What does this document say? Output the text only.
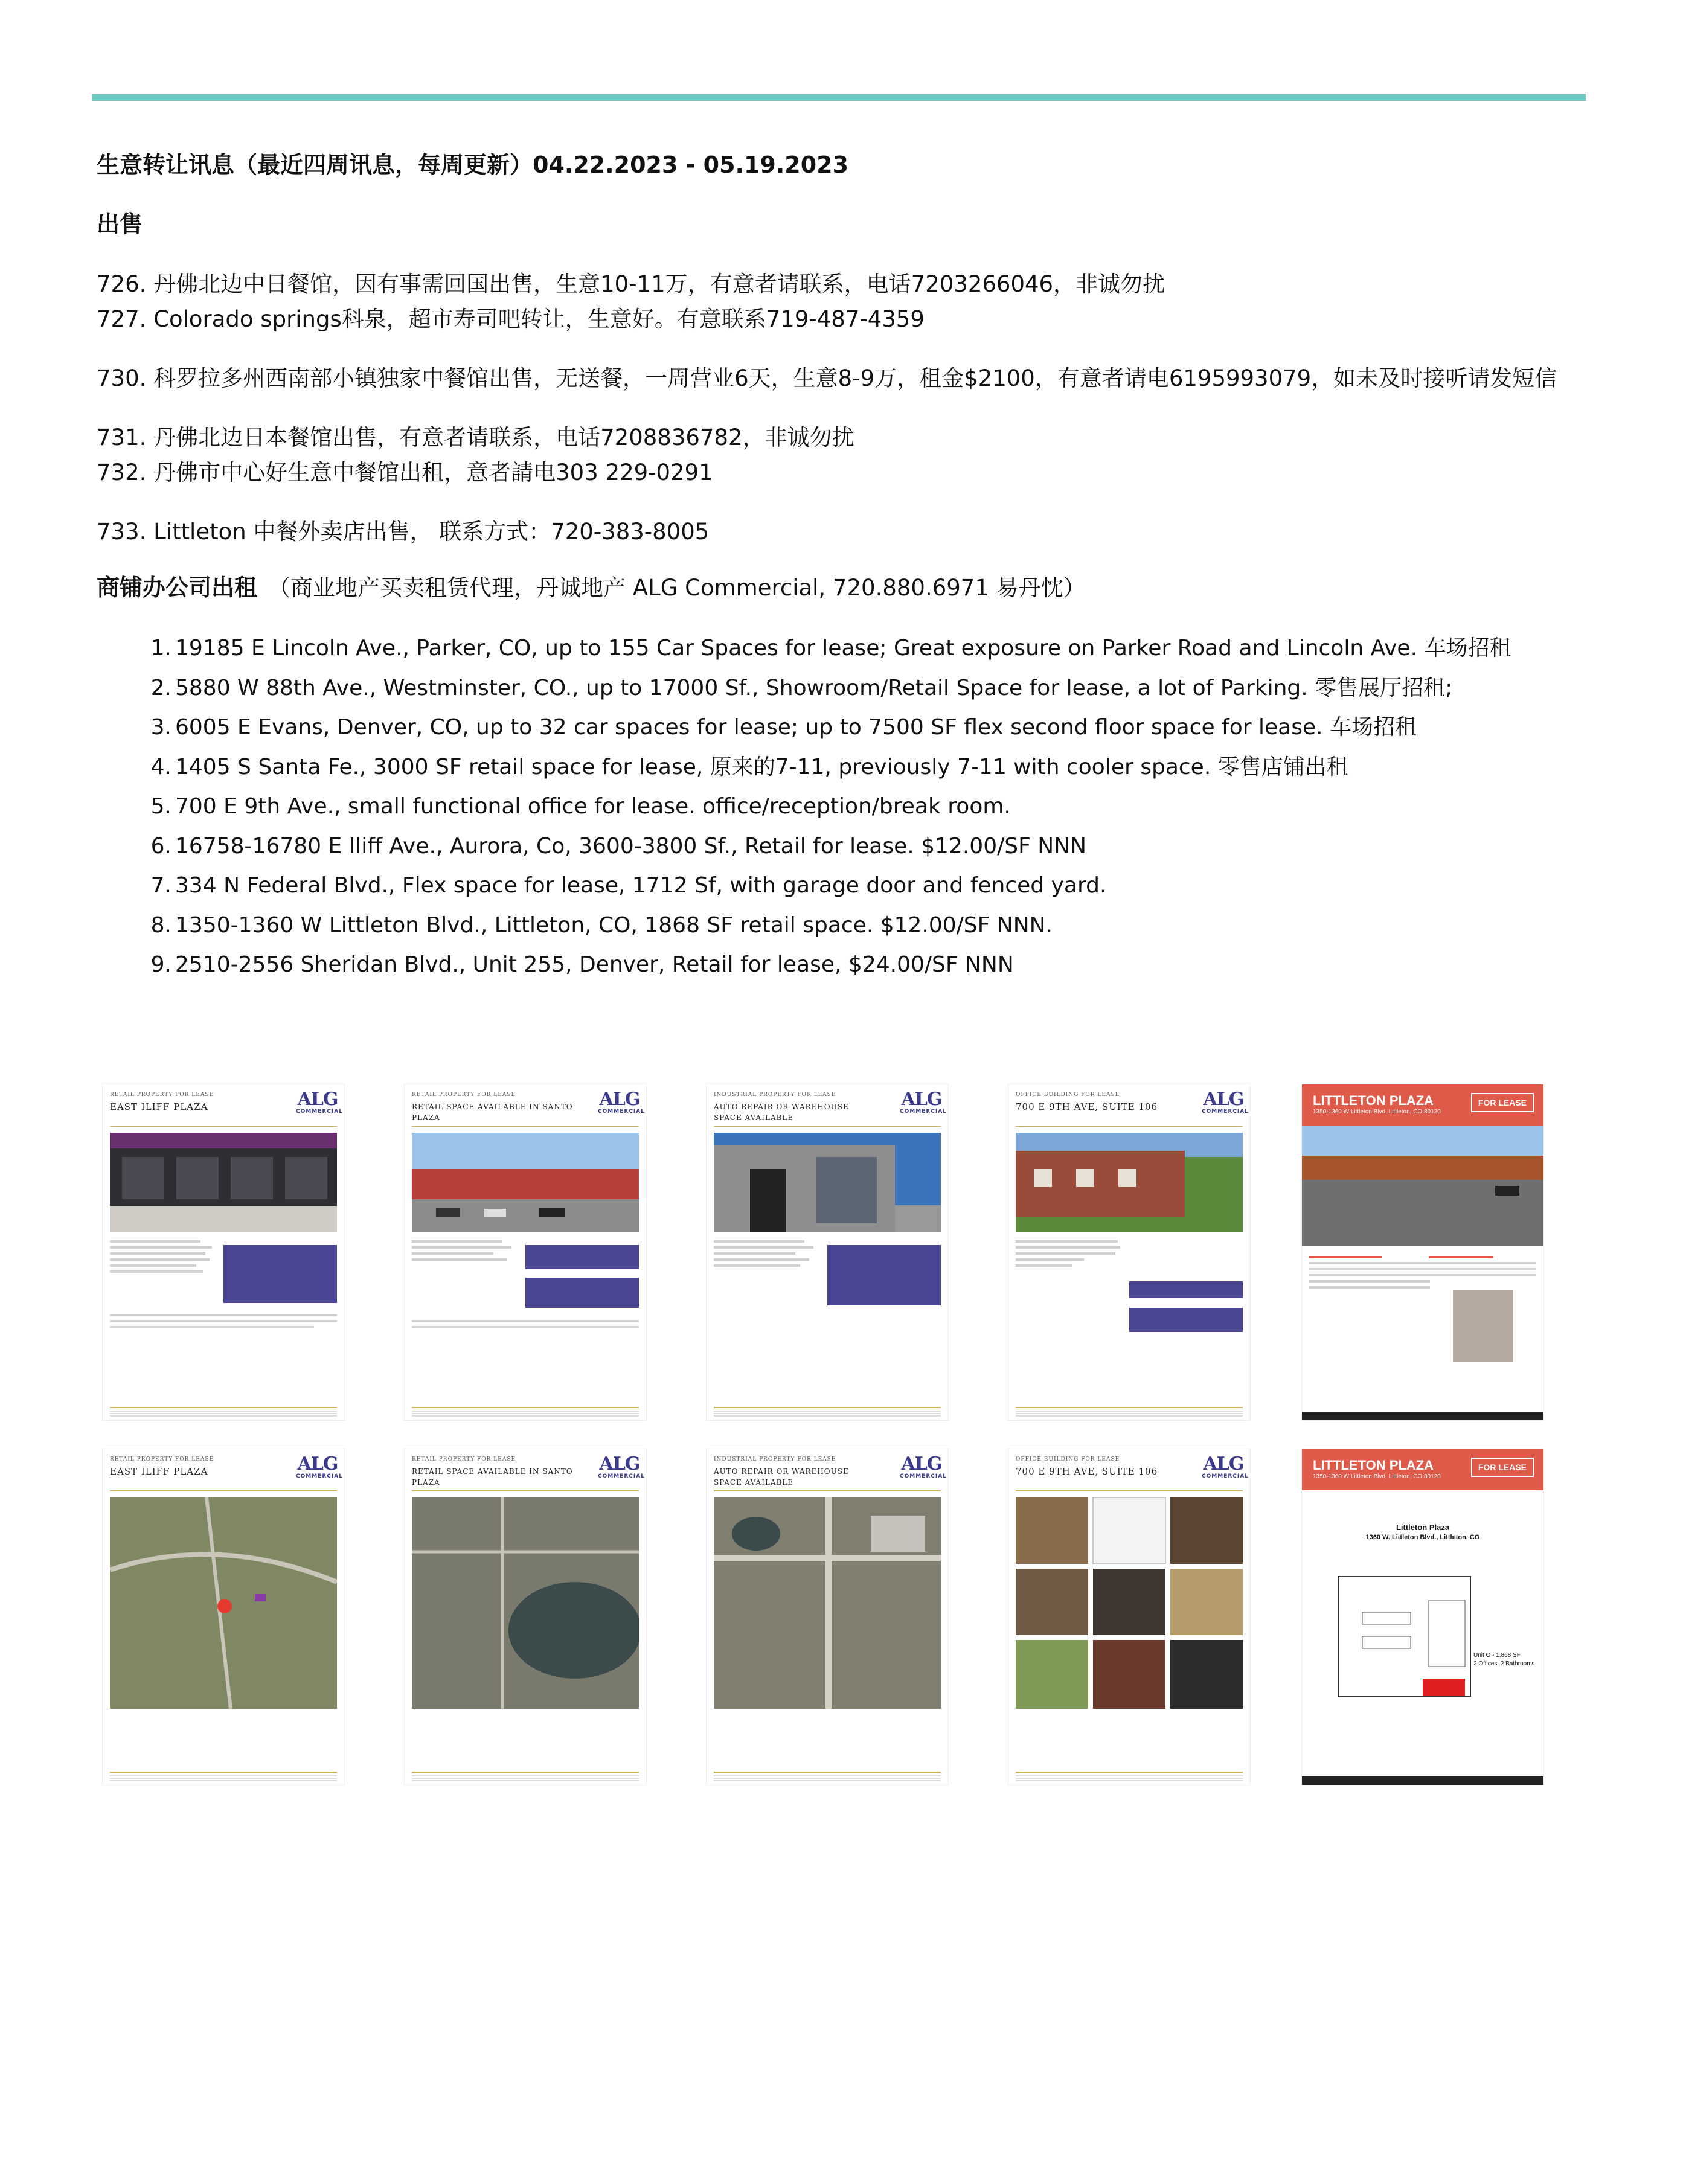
生意转让讯息（最近四周讯息，每周更新）04.22.2023 - 05.19.2023

出售

726. 丹佛北边中日餐馆，因有事需回国出售，生意10-11万，有意者请联系，电话7203266046，非诚勿扰

727. Colorado springs科泉，超市寿司吧转让，生意好。有意联系719-487-4359

730. 科罗拉多州西南部小镇独家中餐馆出售，无送餐，一周营业6天，生意8-9万，租金$2100，有意者请电6195993079，如未及时接听请发短信

731. 丹佛北边日本餐馆出售，有意者请联系，电话7208836782，非诚勿扰

732. 丹佛市中心好生意中餐馆出租，意者請电303 229-0291

733. Littleton 中餐外卖店出售， 联系方式：720-383-8005

商铺办公司出租 （商业地产买卖租赁代理，丹诚地产 ALG Commercial, 720.880.6971 易丹忱）

1. 19185 E Lincoln Ave., Parker, CO, up to 155 Car Spaces for lease; Great exposure on Parker Road and Lincoln Ave. 车场招租
2. 5880 W 88th Ave., Westminster, CO., up to 17000 Sf., Showroom/Retail Space for lease, a lot of Parking. 零售展厅招租;
3. 6005 E Evans, Denver, CO, up to 32 car spaces for lease; up to 7500 SF flex second floor space for lease. 车场招租
4. 1405 S Santa Fe., 3000 SF retail space for lease, 原来的7-11, previously 7-11 with cooler space. 零售店铺出租
5. 700 E 9th Ave., small functional office for lease. office/reception/break room.
6. 16758-16780 E Iliff Ave., Aurora, Co, 3600-3800 Sf., Retail for lease. $12.00/SF NNN
7. 334 N Federal Blvd., Flex space for lease, 1712 Sf, with garage door and fenced yard.
8. 1350-1360 W Littleton Blvd., Littleton, CO, 1868 SF retail space. $12.00/SF NNN.
9. 2510-2556 Sheridan Blvd., Unit 255, Denver, Retail for lease, $24.00/SF NNN
RETAIL PROPERTY FOR LEASE
EAST ILIFF PLAZA	ALG
COMMERCIAL
RETAIL PROPERTY FOR LEASE
RETAIL SPACE AVAILABLE IN SANTO PLAZA
ALG
COMMERCIAL
INDUSTRIAL PROPERTY FOR LEASE
AUTO REPAIR OR WAREHOUSE SPACE AVAILABLE
ALG
COMMERCIAL
OFFICE BUILDING FOR LEASE
700 E 9TH AVE, SUITE 106	ALG
COMMERCIAL
LITTLETON PLAZA
1350-1360 W Littleton Blvd, Littleton, CO 80120
FOR LEASE
RETAIL PROPERTY FOR LEASE
EAST ILIFF PLAZA	ALG
COMMERCIAL
RETAIL PROPERTY FOR LEASE
RETAIL SPACE AVAILABLE IN SANTO PLAZA
ALG
COMMERCIAL
INDUSTRIAL PROPERTY FOR LEASE
AUTO REPAIR OR WAREHOUSE SPACE AVAILABLE
ALG
COMMERCIAL
OFFICE BUILDING FOR LEASE
700 E 9TH AVE, SUITE 106	ALG
COMMERCIAL
LITTLETON PLAZA
1350-1360 W Littleton Blvd, Littleton, CO 80120
FOR LEASE
Littleton Plaza
1360 W. Littleton Blvd., Littleton, CO
Unit O - 1,868 SF
2 Offices, 2 Bathrooms
